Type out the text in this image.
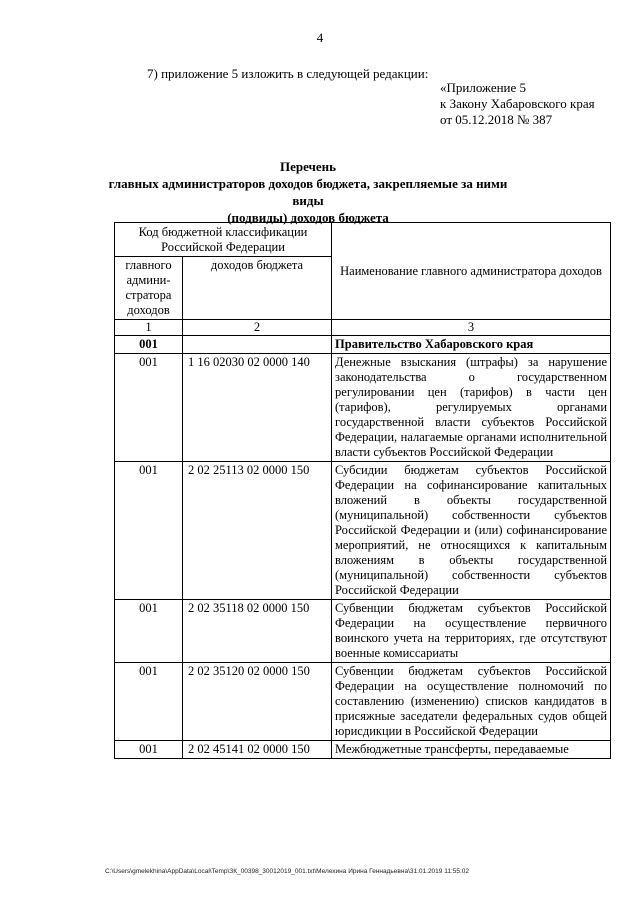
4
7) приложение 5 изложить в следующей редакции:
«Приложение 5
к Закону Хабаровского края
от 05.12.2018 № 387
Перечень
главных администраторов доходов бюджета, закрепляемые за ними виды
(подвиды) доходов бюджета
Код бюджетной классификации Российской Федерации		Наименование главного администратора доходов
главного админи-стратора доходов	доходов бюджета	
1	2	3
001		Правительство Хабаровского края
001	1 16 02030 02 0000 140	Денежные взыскания (штрафы) за нарушение законодательства о государственном регулировании цен (тарифов) в части цен (тарифов), регулируемых органами государственной власти субъектов Российской Федерации, налагаемые органами исполнительной власти субъектов Российской Федерации
001	2 02 25113 02 0000 150	Субсидии бюджетам субъектов Российской Федерации на софинансирование капитальных вложений в объекты государственной (муниципальной) собственности субъектов Российской Федерации и (или) софинансирование мероприятий, не относящихся к капитальным вложениям в объекты государственной (муниципальной) собственности субъектов Российской Федерации
001	2 02 35118 02 0000 150	Субвенции бюджетам субъектов Российской Федерации на осуществление первичного воинского учета на территориях, где отсутствуют военные комиссариаты
001	2 02 35120 02 0000 150	Субвенции бюджетам субъектов Российской Федерации на осуществление полномочий по составлению (изменению) списков кандидатов в присяжные заседатели федеральных судов общей юрисдикции в Российской Федерации
001	2 02 45141 02 0000 150	Межбюджетные трансферты, передаваемые
C:\Users\gmelekhina\AppData\Local\Temp\ЗК_00398_30012019_001.txt\Мелехина Ирина Геннадьевна\31.01.2019 11:55:02
